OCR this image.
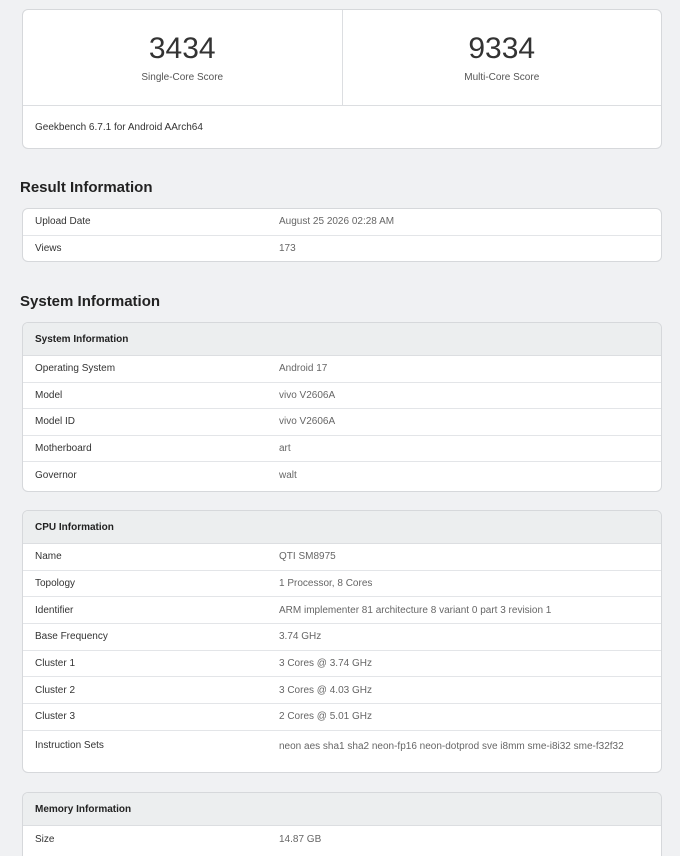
3434
Single-Core Score
9334
Multi-Core Score
Geekbench 6.7.1 for Android AArch64
Result Information
Upload Date	August 25 2026 02:28 AM
Views	173
System Information
System Information
Operating System	Android 17
Model	vivo V2606A
Model ID	vivo V2606A
Motherboard	art
Governor	walt
CPU Information
Name	QTI SM8975
Topology	1 Processor, 8 Cores
Identifier	ARM implementer 81 architecture 8 variant 0 part 3 revision 1
Base Frequency	3.74 GHz
Cluster 1	3 Cores @ 3.74 GHz
Cluster 2	3 Cores @ 4.03 GHz
Cluster 3	2 Cores @ 5.01 GHz
Instruction Sets	neon aes sha1 sha2 neon-fp16 neon-dotprod sve i8mm sme-i8i32 sme-f32f32
Memory Information
Size	14.87 GB
